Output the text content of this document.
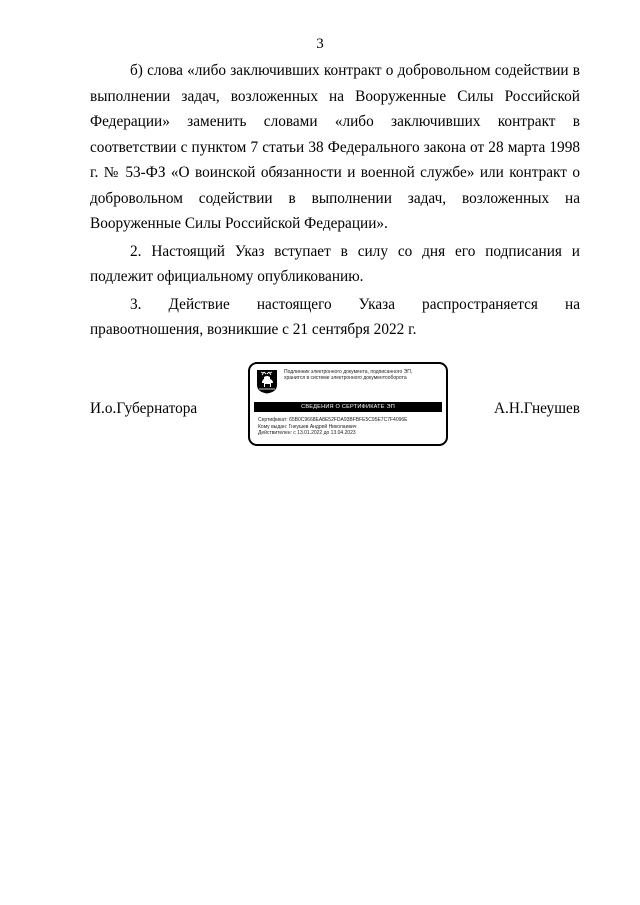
3

б) слова «либо заключивших контракт о добровольном содействии в выполнении задач, возложенных на Вооруженные Силы Российской Федерации» заменить словами «либо заключивших контракт в соответствии с пунктом 7 статьи 38 Федерального закона от 28 марта 1998 г. № 53-ФЗ «О воинской обязанности и военной службе» или контракт о добровольном содействии в выполнении задач, возложенных на Вооруженные Силы Российской Федерации».

2. Настоящий Указ вступает в силу со дня его подписания и подлежит официальному опубликованию.

3. Действие настоящего Указа распространяется на правоотношения, возникшие с 21 сентября 2022 г.

И.о.Губернатора	А.Н.Гнеушев
Подлинник электронного документа, подписанного ЭП,
хранится в системе электронного документооборота
СВЕДЕНИЯ О СЕРТИФИКАТЕ ЭП
Сертификат: 65B0C9668EA8E52FDA93BFBFE5C95E7C7F4096E
Кому выдан: Гнеушев Андрей Николаевич
Действителен: с 13.01.2022 до 13.04.2023
